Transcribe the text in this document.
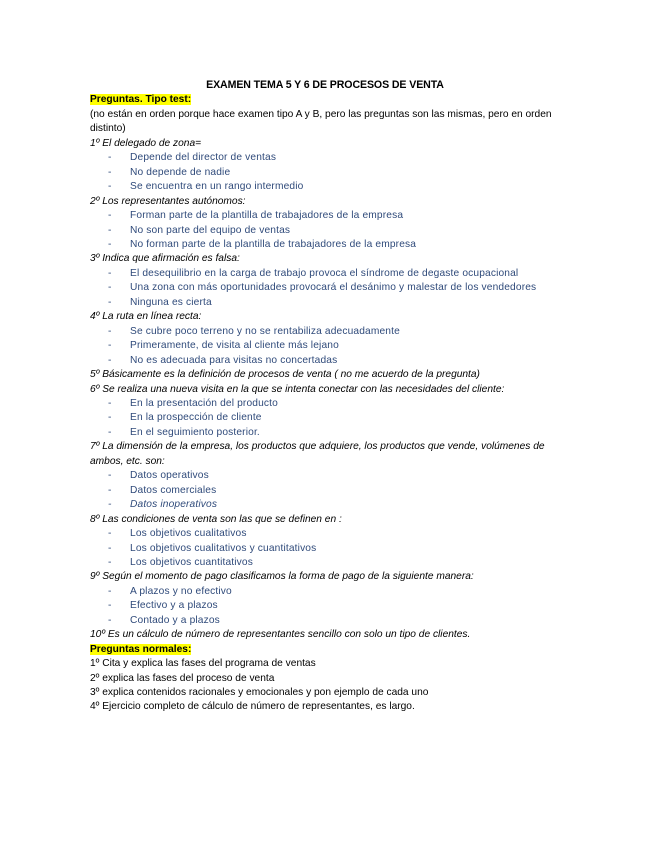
EXAMEN TEMA 5 Y 6 DE PROCESOS DE VENTA
Preguntas. Tipo test:
(no están en orden porque hace examen tipo A y B, pero las preguntas son las mismas, pero en orden distinto)
1º El delegado de zona=
- Depende del director de ventas
- No depende de nadie
- Se encuentra en un rango intermedio
2º Los representantes autónomos:
- Forman parte de la plantilla de trabajadores de la empresa
- No son parte del equipo de ventas
- No forman parte de la plantilla de trabajadores de la empresa
3º Indica que afirmación es falsa:
- El desequilibrio en la carga de trabajo provoca el síndrome de degaste ocupacional
- Una zona con más oportunidades provocará el desánimo y malestar de los vendedores
- Ninguna es cierta
4º La ruta en línea recta:
- Se cubre poco terreno y no se rentabiliza adecuadamente
- Primeramente, de visita al cliente más lejano
- No es adecuada para visitas no concertadas
5º Básicamente es la definición de procesos de venta ( no me acuerdo de la pregunta)
6º Se realiza una nueva visita en la que se intenta conectar con las necesidades del cliente:
- En la presentación del producto
- En la prospección de cliente
- En el seguimiento posterior.
7º La dimensión de la empresa, los productos que adquiere, los productos que vende, volúmenes de ambos, etc. son:
- Datos operativos
- Datos comerciales
- Datos inoperativos
8º Las condiciones de venta son las que se definen en :
- Los objetivos cualitativos
- Los objetivos cualitativos y cuantitativos
- Los objetivos cuantitativos
9º Según el momento de pago clasificamos la forma de pago de la siguiente manera:
- A plazos y no efectivo
- Efectivo y a plazos
- Contado y a plazos
10º Es un cálculo de número de representantes sencillo con solo un tipo de clientes.
Preguntas normales:
1º Cita y explica las fases del programa de ventas
2º explica las fases del proceso de venta
3º explica contenidos racionales y emocionales y pon ejemplo de cada uno
4º Ejercicio completo de cálculo de número de representantes, es largo.
